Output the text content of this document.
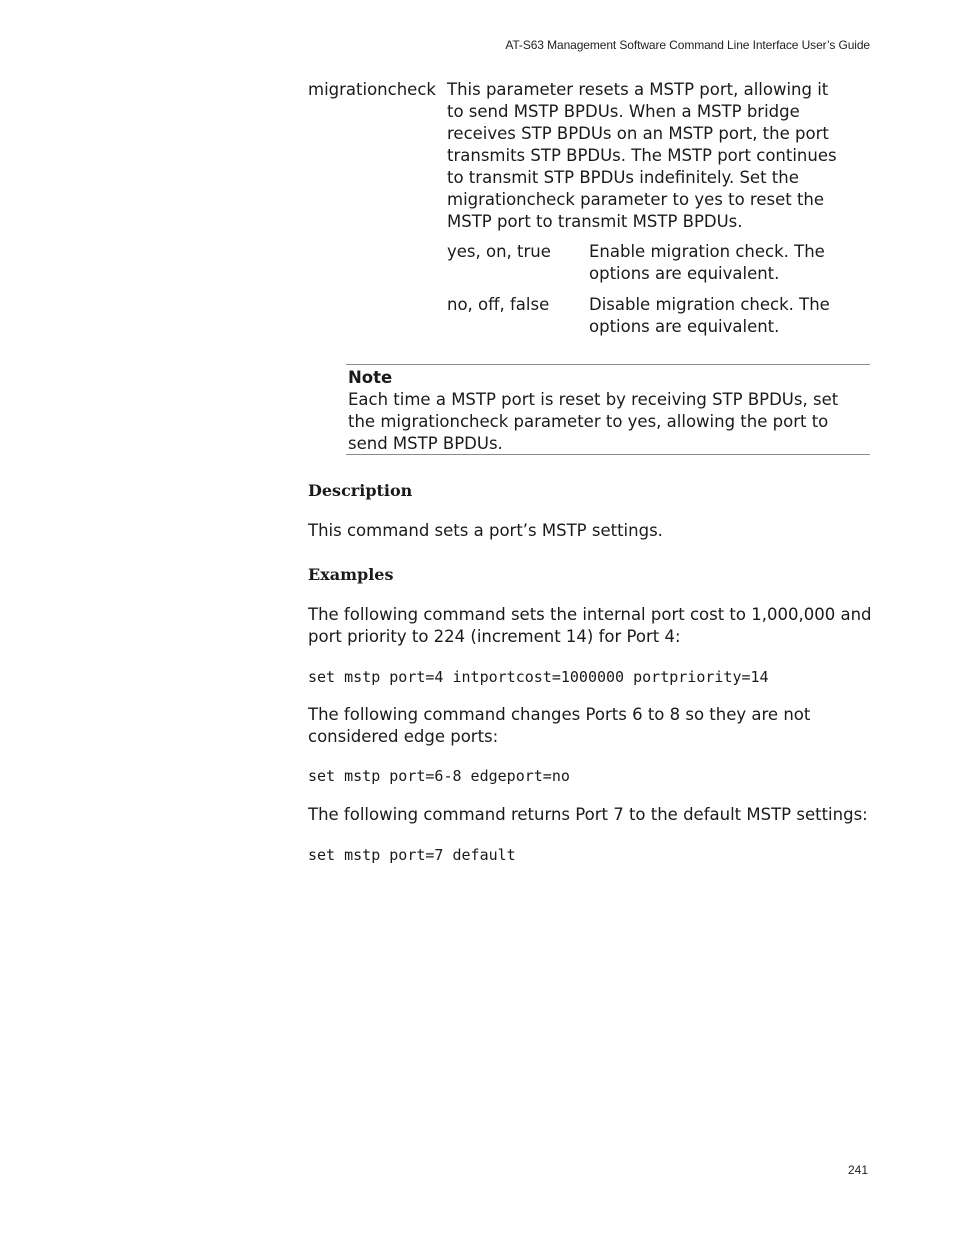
AT-S63 Management Software Command Line Interface User’s Guide
migrationcheck This parameter resets a MSTP port, allowing it to send MSTP BPDUs. When a MSTP bridge receives STP BPDUs on an MSTP port, the port transmits STP BPDUs. The MSTP port continues to transmit STP BPDUs indefinitely. Set the migrationcheck parameter to yes to reset the MSTP port to transmit MSTP BPDUs.
yes, on, true Enable migration check. The options are equivalent.
no, off, false Disable migration check. The options are equivalent.
Note
Each time a MSTP port is reset by receiving STP BPDUs, set the migrationcheck parameter to yes, allowing the port to send MSTP BPDUs.
Description
This command sets a port’s MSTP settings.
Examples
The following command sets the internal port cost to 1,000,000 and port priority to 224 (increment 14) for Port 4:
set mstp port=4 intportcost=1000000 portpriority=14
The following command changes Ports 6 to 8 so they are not considered edge ports:
set mstp port=6-8 edgeport=no
The following command returns Port 7 to the default MSTP settings:
set mstp port=7 default
241
